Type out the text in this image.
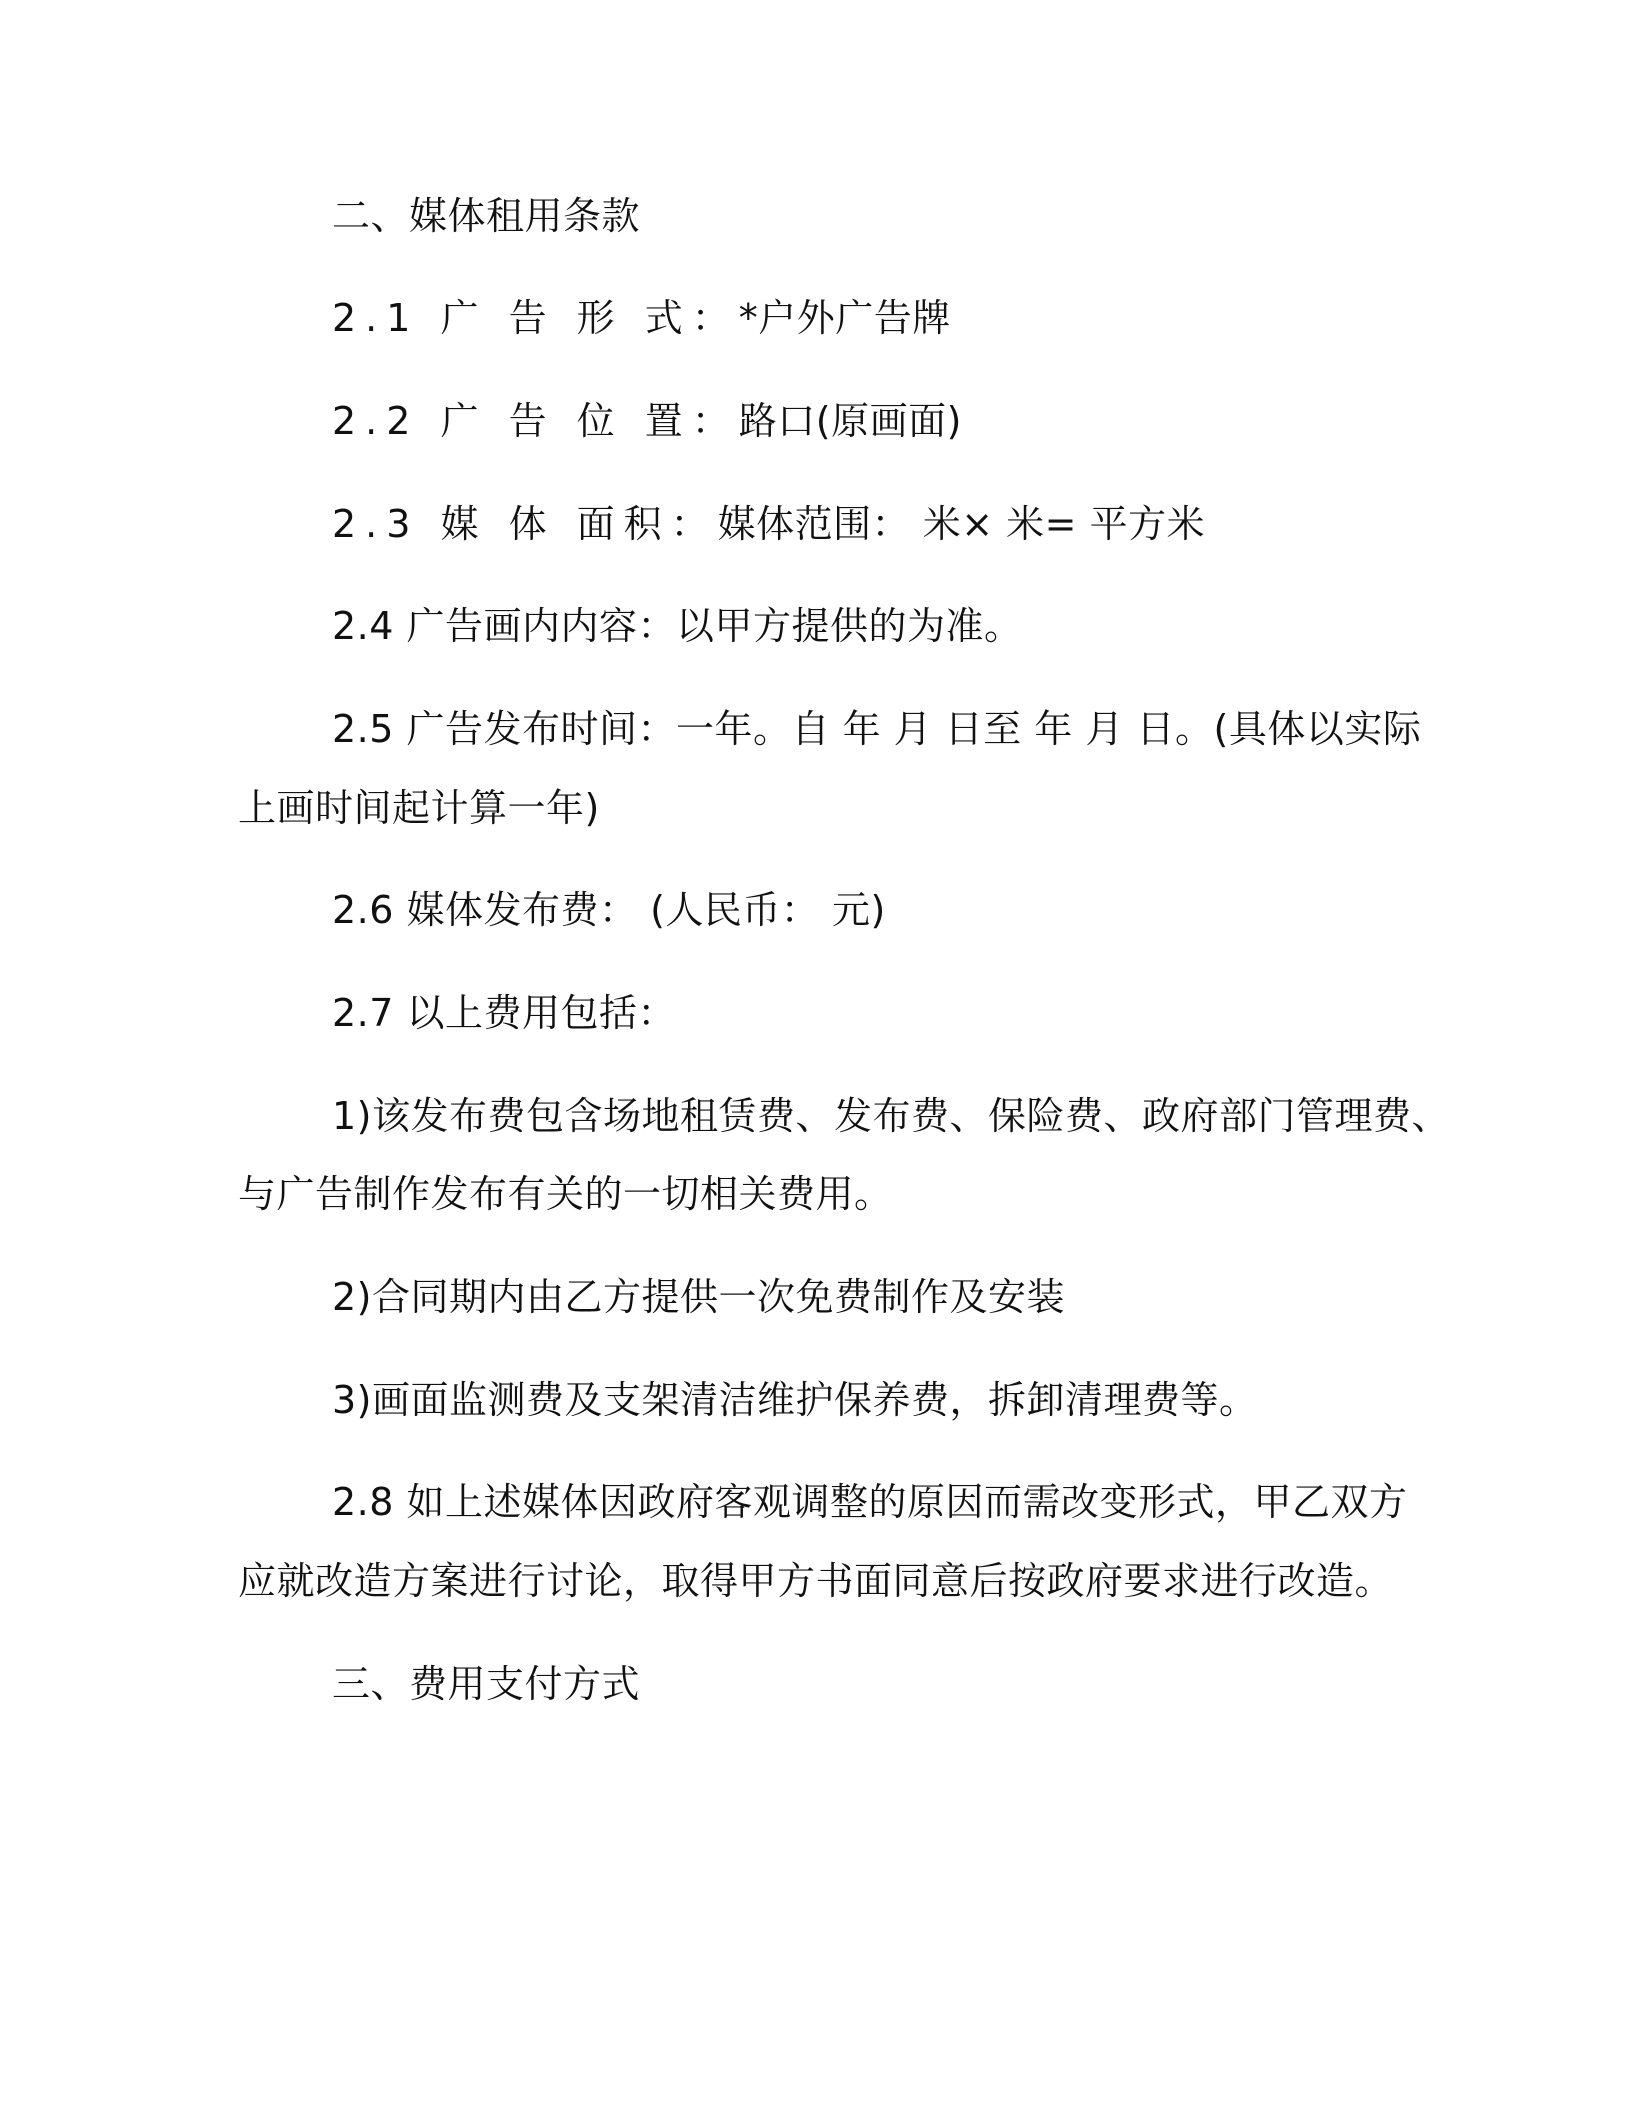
二、媒体租用条款
2.1 广 告 形 式：*户外广告牌
2.2 广 告 位 置：路口(原画面)
2.3 媒 体 面积：媒体范围： 米× 米= 平方米
2.4 广告画内内容：以甲方提供的为准。
2.5 广告发布时间：一年。自 年 月 日至 年 月 日。(具体以实际
上画时间起计算一年)
2.6 媒体发布费： (人民币： 元)
2.7 以上费用包括：
1)该发布费包含场地租赁费、发布费、保险费、政府部门管理费、
与广告制作发布有关的一切相关费用。
2)合同期内由乙方提供一次免费制作及安装
3)画面监测费及支架清洁维护保养费，拆卸清理费等。
2.8 如上述媒体因政府客观调整的原因而需改变形式，甲乙双方
应就改造方案进行讨论，取得甲方书面同意后按政府要求进行改造。
三、费用支付方式
